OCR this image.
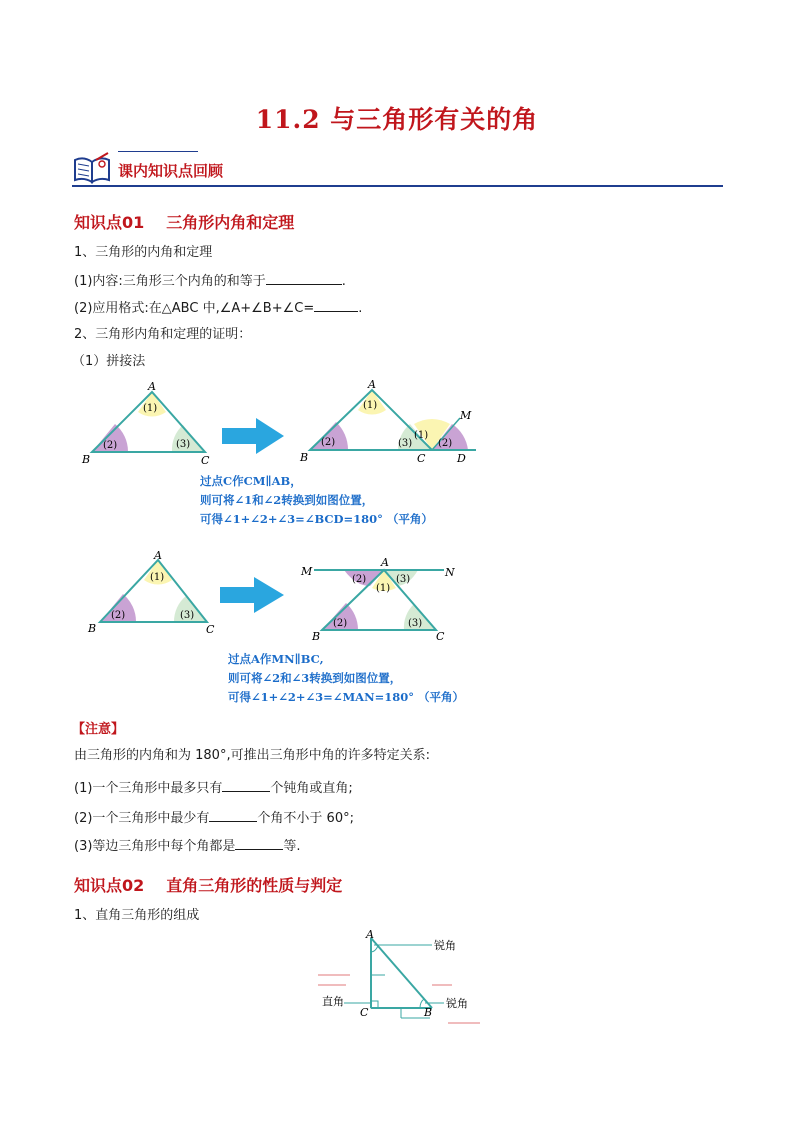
11.2 与三角形有关的角
课内知识点回顾
知识点01 三角形内角和定理
1、三角形的内角和定理
(1)内容:三角形三个内角的和等于	.
(2)应用格式:在△ABC 中,∠A+∠B+∠C=	.
2、三角形内角和定理的证明：
（1）拼接法
A
B	C
(1)
(2)	(3)
A
B	C	D
M
(1)
(2)	(3)
(1)
(2)
A
B	C
(1)
(2)	(3)
M	N
A
B	C
(2)
(1)
(3)
(2)	(3)
A
C	B
锐角
锐角
直角
过点C作CM∥AB，
则可将∠1和∠2转换到如图位置，
可得∠1+∠2+∠3=∠BCD=180° （平角）
过点A作MN∥BC,
则可将∠2和∠3转换到如图位置，
可得∠1+∠2+∠3=∠MAN=180° （平角）
【注意】
由三角形的内角和为 180°,可推出三角形中角的许多特定关系:
(1)一个三角形中最多只有	个钝角或直角;
(2)一个三角形中最少有	个角不小于 60°;
(3)等边三角形中每个角都是	等.
知识点02 直角三角形的性质与判定
1、直角三角形的组成
